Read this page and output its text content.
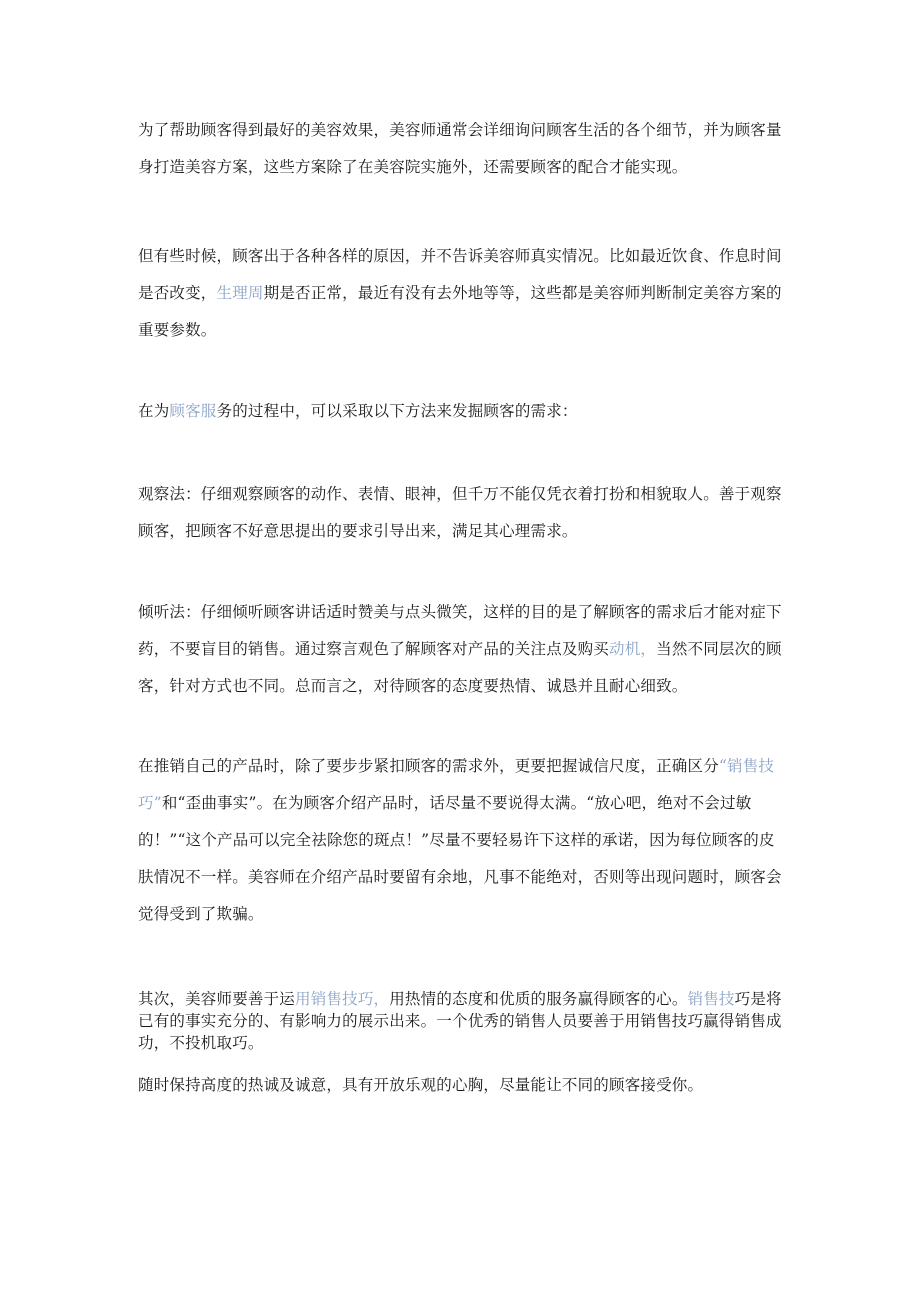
为了帮助顾客得到最好的美容效果，美容师通常会详细询问顾客生活的各个细节，并为顾客量身打造美容方案，这些方案除了在美容院实施外，还需要顾客的配合才能实现。

但有些时候，顾客出于各种各样的原因，并不告诉美容师真实情况。比如最近饮食、作息时间是否改变，生理周期是否正常，最近有没有去外地等等，这些都是美容师判断制定美容方案的重要参数。

在为顾客服务的过程中，可以采取以下方法来发掘顾客的需求：

观察法：仔细观察顾客的动作、表情、眼神，但千万不能仅凭衣着打扮和相貌取人。善于观察顾客，把顾客不好意思提出的要求引导出来，满足其心理需求。

倾听法：仔细倾听顾客讲话适时赞美与点头微笑，这样的目的是了解顾客的需求后才能对症下药，不要盲目的销售。通过察言观色了解顾客对产品的关注点及购买动机，当然不同层次的顾客，针对方式也不同。总而言之，对待顾客的态度要热情、诚恳并且耐心细致。

在推销自己的产品时，除了要步步紧扣顾客的需求外，更要把握诚信尺度，正确区分“销售技巧”和“歪曲事实”。在为顾客介绍产品时，话尽量不要说得太满。“放心吧，绝对不会过敏的！”“这个产品可以完全祛除您的斑点！”尽量不要轻易许下这样的承诺，因为每位顾客的皮肤情况不一样。美容师在介绍产品时要留有余地，凡事不能绝对，否则等出现问题时，顾客会觉得受到了欺骗。

其次，美容师要善于运用销售技巧，用热情的态度和优质的服务赢得顾客的心。销售技巧是将已有的事实充分的、有影响力的展示出来。一个优秀的销售人员要善于用销售技巧赢得销售成功，不投机取巧。

随时保持高度的热诚及诚意，具有开放乐观的心胸，尽量能让不同的顾客接受你。
